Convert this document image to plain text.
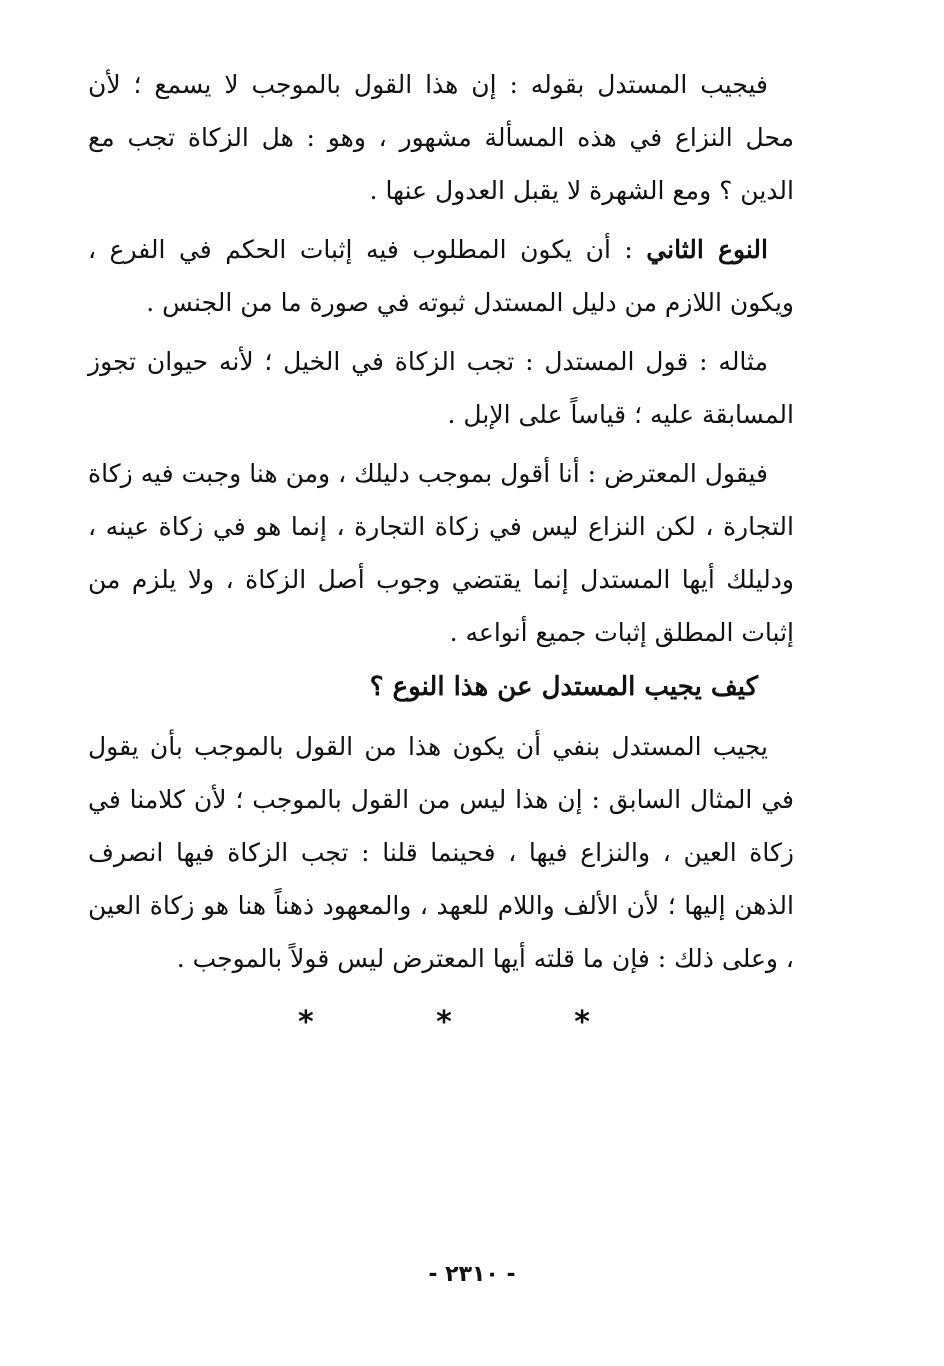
فيجيب المستدل بقوله : إن هذا القول بالموجب لا يسمع ؛ لأن محل النزاع في هذه المسألة مشهور ، وهو : هل الزكاة تجب مع الدين ؟ ومع الشهرة لا يقبل العدول عنها .

النوع الثاني : أن يكون المطلوب فيه إثبات الحكم في الفرع ، ويكون اللازم من دليل المستدل ثبوته في صورة ما من الجنس .

مثاله : قول المستدل : تجب الزكاة في الخيل ؛ لأنه حيوان تجوز المسابقة عليه ؛ قياساً على الإبل .

فيقول المعترض : أنا أقول بموجب دليلك ، ومن هنا وجبت فيه زكاة التجارة ، لكن النزاع ليس في زكاة التجارة ، إنما هو في زكاة عينه ، ودليلك أيها المستدل إنما يقتضي وجوب أصل الزكاة ، ولا يلزم من إثبات المطلق إثبات جميع أنواعه .

كيف يجيب المستدل عن هذا النوع ؟

يجيب المستدل بنفي أن يكون هذا من القول بالموجب بأن يقول في المثال السابق : إن هذا ليس من القول بالموجب ؛ لأن كلامنا في زكاة العين ، والنزاع فيها ، فحينما قلنا : تجب الزكاة فيها انصرف الذهن إليها ؛ لأن الألف واللام للعهد ، والمعهود ذهناً هنا هو زكاة العين ، وعلى ذلك : فإن ما قلته أيها المعترض ليس قولاً بالموجب .

* * *
- ٢٣١٠ -
